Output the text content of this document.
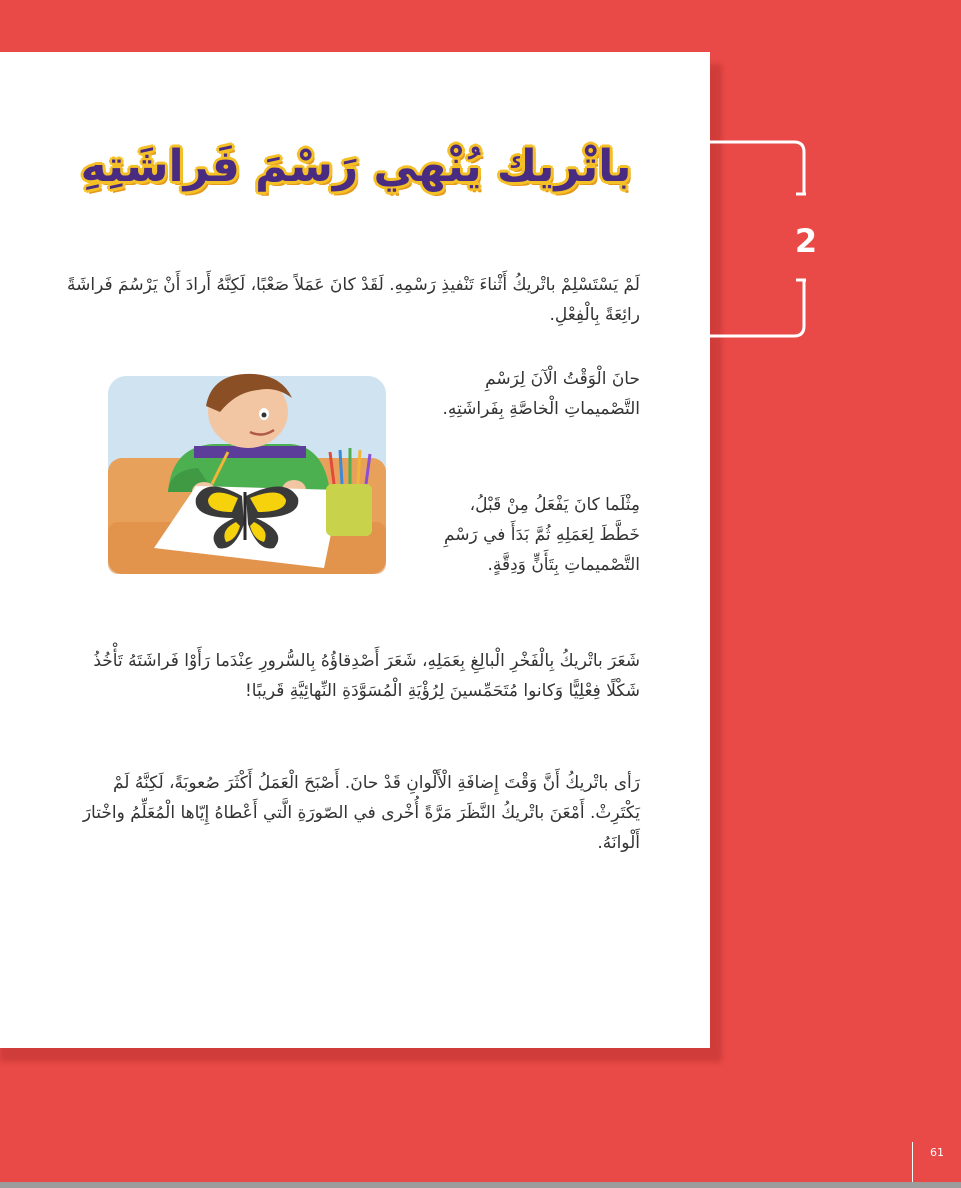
باتْريك يُنْهي رَسْمَ فَراشَتِهِ
2

لَمْ يَسْتَسْلِمْ باتْريكُ أَثْناءَ تَنْفيذِ رَسْمِهِ. لَقَدْ كانَ عَمَلاً صَعْبًا، لَكِنَّهُ أَرادَ أَنْ يَرْسُمَ فَراشَةً رائِعَةً بِالْفِعْلِ.

حانَ الْوَقْتُ الْآنَ لِرَسْمِ التَّصْميماتِ الْخاصَّةِ بِفَراشَتِهِ.

مِثْلَما كانَ يَفْعَلُ مِنْ قَبْلُ، خَطَّطَ لِعَمَلِهِ ثُمَّ بَدَأَ في رَسْمِ التَّصْميماتِ بِتَأَنٍّ وَدِقَّةٍ.

شَعَرَ باتْريكُ بِالْفَخْرِ الْبالِغِ بِعَمَلِهِ، شَعَرَ أَصْدِقاؤُهُ بِالسُّرورِ عِنْدَما رَأَوْا فَراشَتَهُ تَأْخُذُ شَكْلًا فِعْلِيًّا وَكانوا مُتَحَمِّسينَ لِرُؤْيَةِ الْمُسَوَّدَةِ النِّهائِيَّةِ قَريبًا!

رَأى باتْريكُ أَنَّ وَقْتَ إِضافَةِ الْأَلْوانِ قَدْ حانَ. أَصْبَحَ الْعَمَلُ أَكْثَرَ صُعوبَةً، لَكِنَّهُ لَمْ يَكْتَرِثْ. أَمْعَنَ باتْريكُ النَّظَرَ مَرَّةً أُخْرى في الصّورَةِ الَّتي أَعْطاهُ إِيّاها الْمُعَلِّمُ واخْتارَ أَلْوانَهُ.

61
